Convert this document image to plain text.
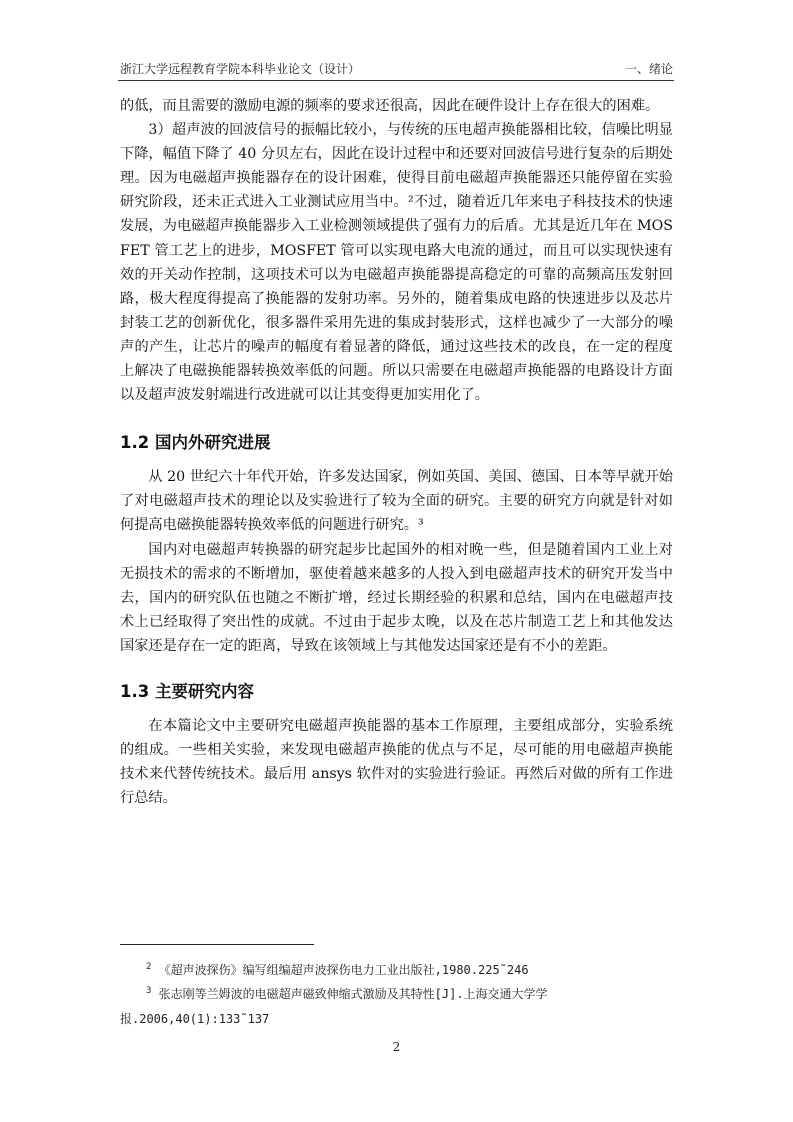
浙江大学远程教育学院本科毕业论文（设计）	一、绪论

的低，而且需要的激励电源的频率的要求还很高，因此在硬件设计上存在很大的困难。

3）超声波的回波信号的振幅比较小，与传统的压电超声换能器相比较，信噪比明显下降，幅值下降了 40 分贝左右，因此在设计过程中和还要对回波信号进行复杂的后期处理。因为电磁超声换能器存在的设计困难，使得目前电磁超声换能器还只能停留在实验研究阶段，还未正式进入工业测试应用当中。²不过，随着近几年来电子科技技术的快速发展，为电磁超声换能器步入工业检测领域提供了强有力的后盾。尤其是近几年在 MOSFET 管工艺上的进步，MOSFET 管可以实现电路大电流的通过，而且可以实现快速有效的开关动作控制，这项技术可以为电磁超声换能器提高稳定的可靠的高频高压发射回路，极大程度得提高了换能器的发射功率。另外的，随着集成电路的快速进步以及芯片封装工艺的创新优化，很多器件采用先进的集成封装形式，这样也减少了一大部分的噪声的产生，让芯片的噪声的幅度有着显著的降低，通过这些技术的改良，在一定的程度上解决了电磁换能器转换效率低的问题。所以只需要在电磁超声换能器的电路设计方面以及超声波发射端进行改进就可以让其变得更加实用化了。

1.2 国内外研究进展

从 20 世纪六十年代开始，许多发达国家，例如英国、美国、德国、日本等早就开始了对电磁超声技术的理论以及实验进行了较为全面的研究。主要的研究方向就是针对如何提高电磁换能器转换效率低的问题进行研究。³

国内对电磁超声转换器的研究起步比起国外的相对晚一些，但是随着国内工业上对无损技术的需求的不断增加，驱使着越来越多的人投入到电磁超声技术的研究开发当中去，国内的研究队伍也随之不断扩增，经过长期经验的积累和总结，国内在电磁超声技术上已经取得了突出性的成就。不过由于起步太晚，以及在芯片制造工艺上和其他发达国家还是存在一定的距离，导致在该领域上与其他发达国家还是有不小的差距。

1.3 主要研究内容

在本篇论文中主要研究电磁超声换能器的基本工作原理，主要组成部分，实验系统的组成。一些相关实验，来发现电磁超声换能的优点与不足，尽可能的用电磁超声换能技术来代替传统技术。最后用 ansys 软件对的实验进行验证。再然后对做的所有工作进行总结。

$^2$ 《超声波探伤》编写组编超声波探伤电力工业出版社,1980.225˜246

$^3$ 张志刚等兰姆波的电磁超声磁致伸缩式激励及其特性[J].上海交通大学学

报.2006,40(1):133˜137

2
